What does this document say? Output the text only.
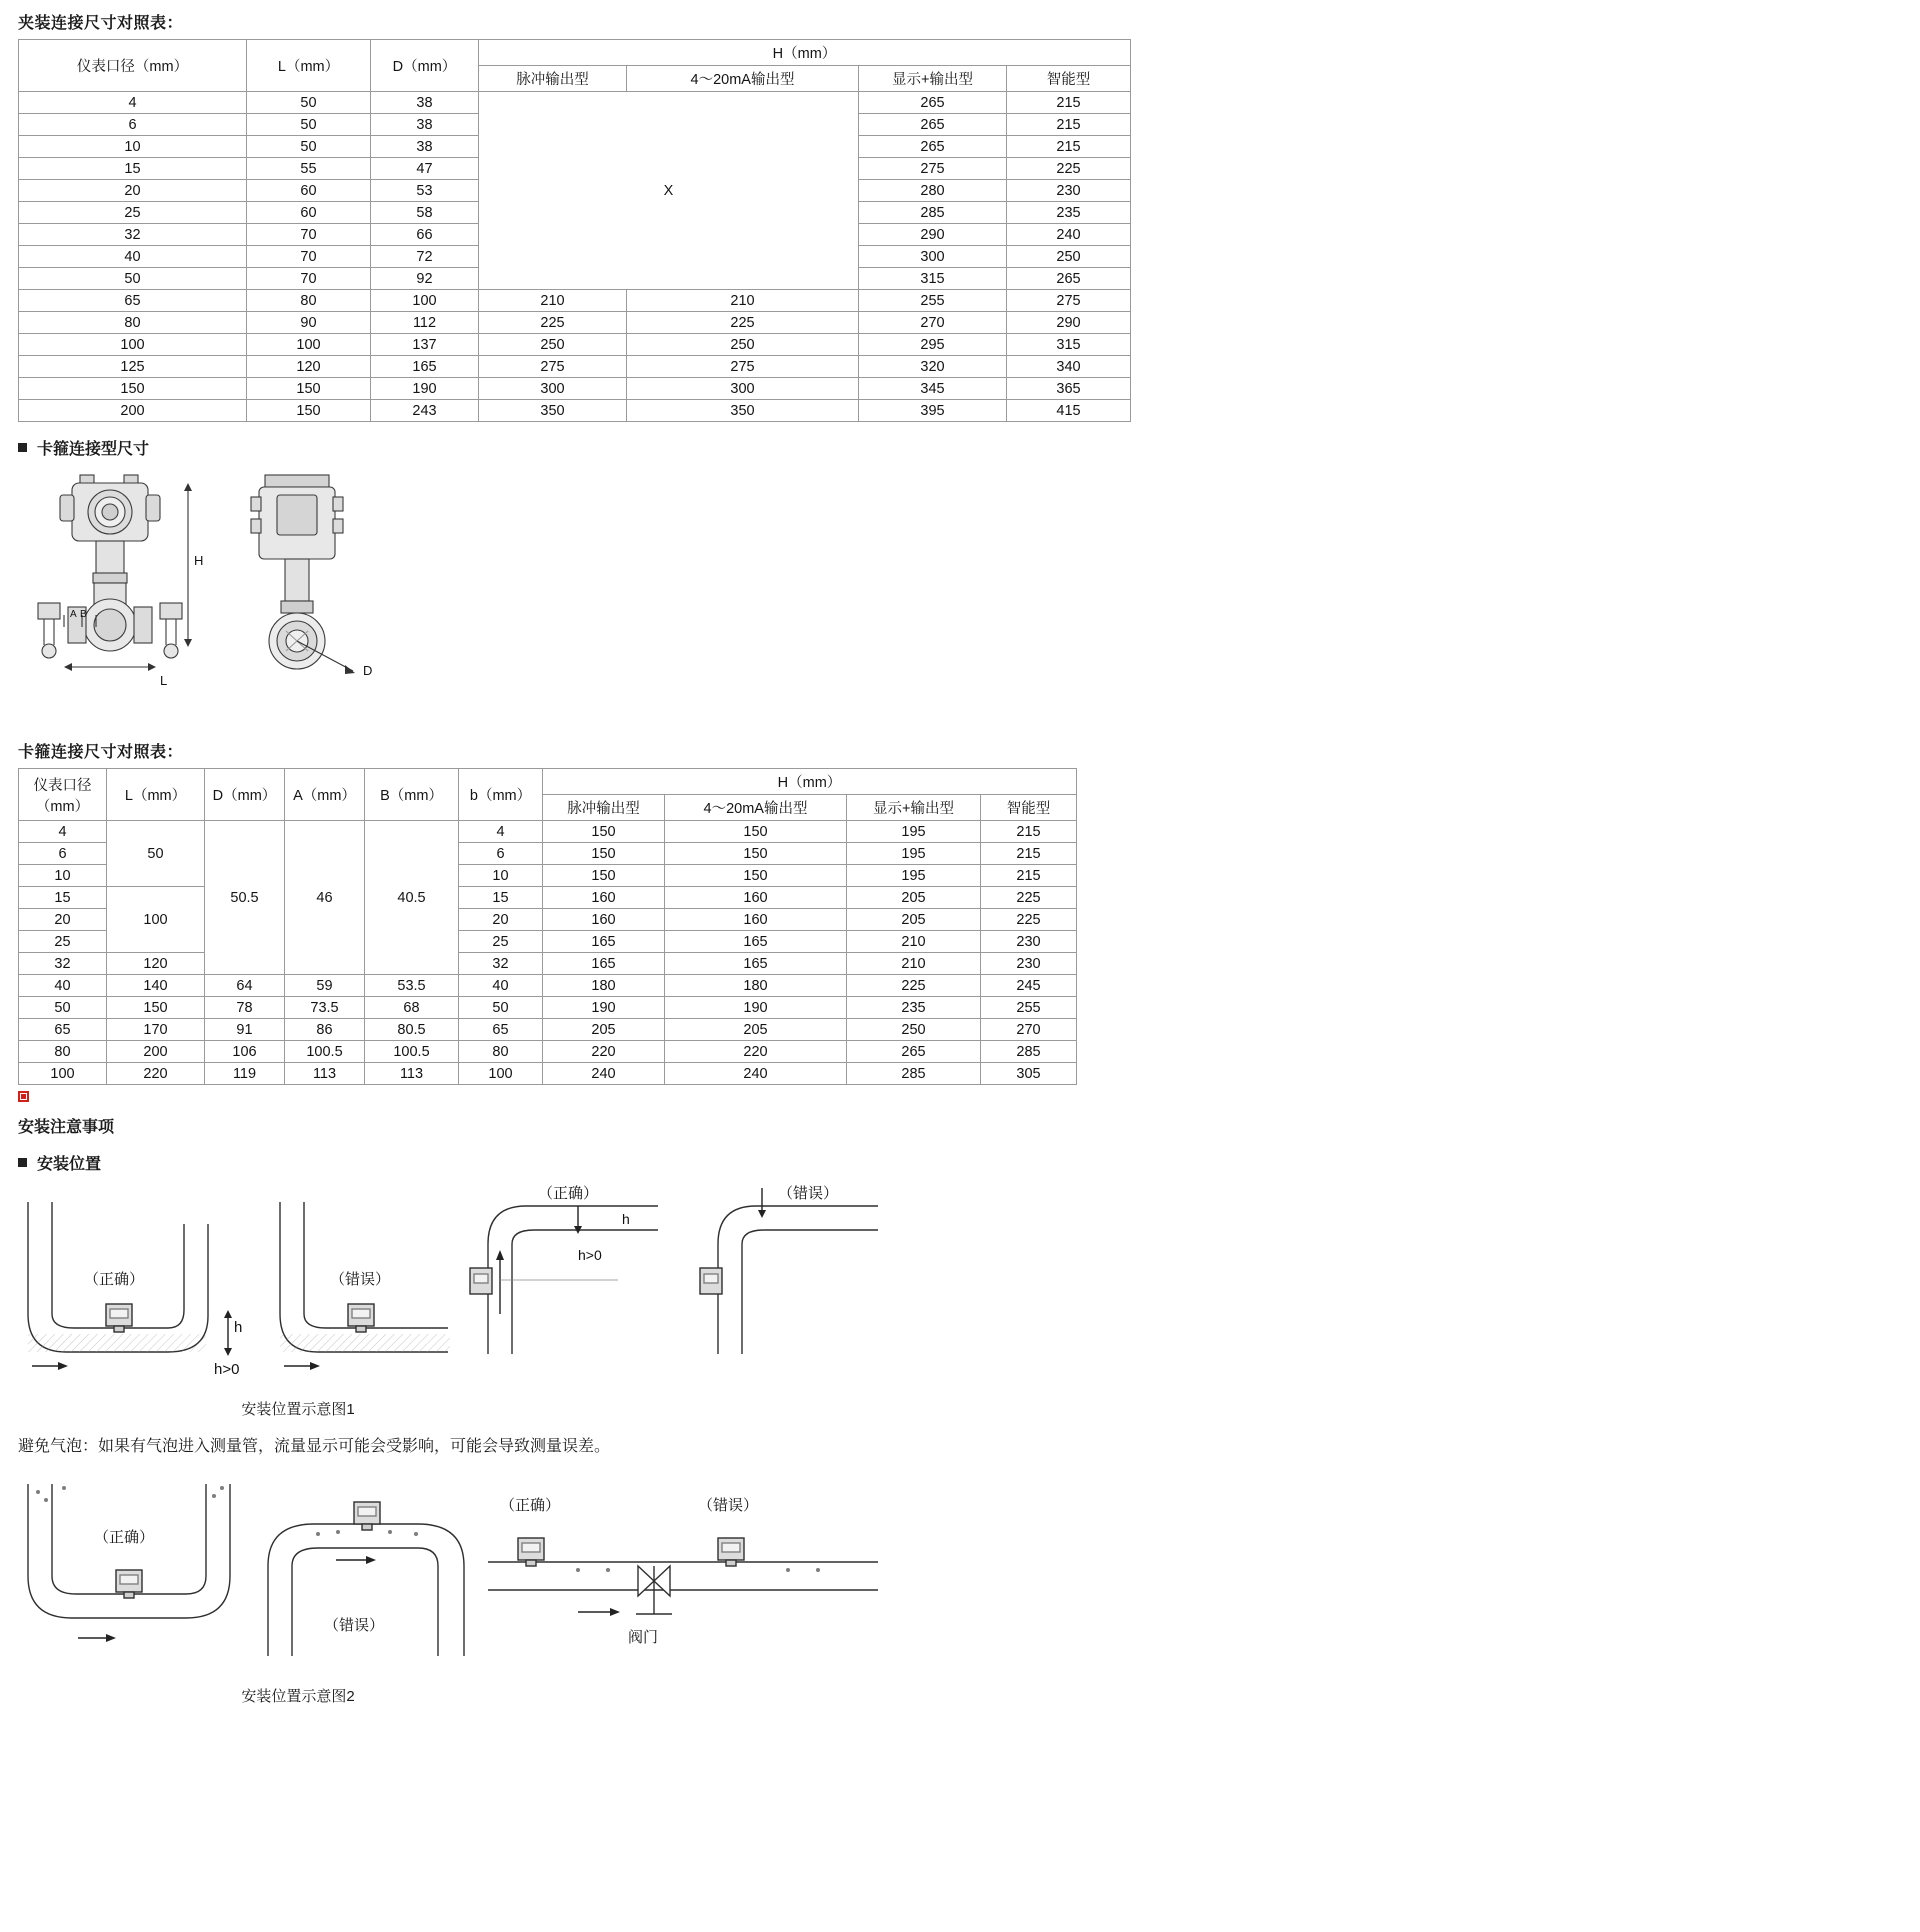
夹装连接尺寸对照表：
仪表口径（mm）	L（mm）	D（mm）	H（mm）			
			脉冲输出型	4～20mA输出型	显示+输出型	智能型
4	50	38	X		265	215
6	50	38			265	215
10	50	38			265	215
15	55	47			275	225
20	60	53			280	230
25	60	58			285	235
32	70	66			290	240
40	70	72			300	250
50	70	92			315	265
65	80	100	210	210	255	275
80	90	112	225	225	270	290
100	100	137	250	250	295	315
125	120	165	275	275	320	340
150	150	190	300	300	345	365
200	150	243	350	350	395	415
卡箍连接型尺寸
H
L
D
A B
卡箍连接尺寸对照表：
仪表口径（mm）	L（mm）	D（mm）	A（mm）	B（mm）	b（mm）	H（mm）			
						脉冲输出型	4～20mA输出型	显示+输出型	智能型
4	50	50.5	46	40.5	4	150	150	195	215
6					6	150	150	195	215
10					10	150	150	195	215
15	100				15	160	160	205	225
20					20	160	160	205	225
25					25	165	165	210	230
32	120				32	165	165	210	230
40	140	64	59	53.5	40	180	180	225	245
50	150	78	73.5	68	50	190	190	235	255
65	170	91	86	80.5	65	205	205	250	270
80	200	106	100.5	100.5	80	220	220	265	285
100	220	119	113	113	100	240	240	285	305
安装注意事项
安装位置
（正确）	（错误）
（正确）	（错误）
h
h>0
h
h>0
安装位置示意图1
避免气泡：如果有气泡进入测量管，流量显示可能会受影响，可能会导致测量误差。
（正确）
（错误）
（正确）	（错误）
阀门
安装位置示意图2
